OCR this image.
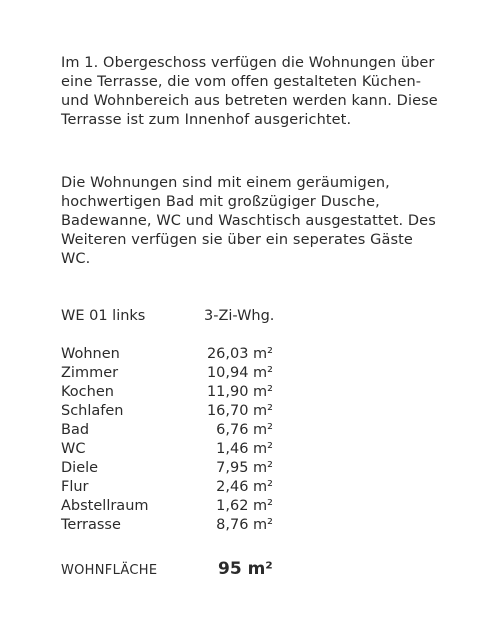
Im 1. Obergeschoss verfügen die Wohnungen über eine Terrasse, die vom offen gestalteten Küchen- und Wohnbereich aus betreten werden kann. Diese Terrasse ist zum Innenhof ausgerichtet.

Die Wohnungen sind mit einem geräumigen, hochwertigen Bad mit großzügiger Dusche, Badewanne, WC und Waschtisch ausgestattet. Des Weiteren verfügen sie über ein seperates Gäste WC.

WE 01 links	3-Zi-Whg.
Wohnen	26,03 m²
Zimmer	10,94 m²
Kochen	11,90 m²
Schlafen	16,70 m²
Bad	6,76 m²
WC	1,46 m²
Diele	7,95 m²
Flur	2,46 m²
Abstellraum	1,62 m²
Terrasse	8,76 m²
WOHNFLÄCHE	95 m²
